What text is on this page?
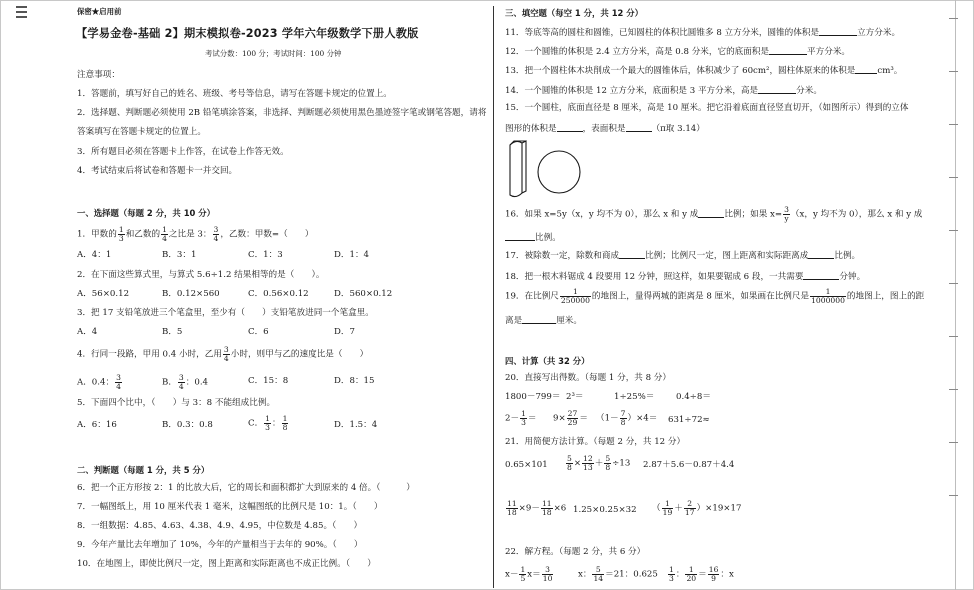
保密★启用前
【学易金卷-基础 2】期末模拟卷-2023 学年六年级数学下册人教版
考试分数：100 分；考试时间：100 分钟
注意事项：
1．答题前，填写好自己的姓名、班级、考号等信息，请写在答题卡规定的位置上。
2．选择题、判断题必须使用 2B 铅笔填涂答案，非选择、判断题必须使用黑色墨迹签字笔或钢笔答题，请将
答案填写在答题卡规定的位置上。
3．所有题目必须在答题卡上作答，在试卷上作答无效。
4．考试结束后将试卷和答题卡一并交回。
一、选择题（每题 2 分，共 10 分）
1．甲数的 $\frac{1}{3}$ 和乙数的 $\frac{1}{4}$ 之比是 3： $\frac{3}{4}$ ，乙数：甲数=（　　）
A．4：1	B．3：1	C．1：3	D．1：4
2．在下面这些算式里，与算式 5.6÷1.2 结果相等的是（　　）。
A．56×0.12	B．0.12×560	C．0.56×0.12	D．560×0.12
3．把 17 支铅笔放进三个笔盒里，至少有（　　）支铅笔放进同一个笔盒里。
A．4	B．5	C．6	D．7
4．行同一段路，甲用 0.4 小时，乙用 $\frac{3}{4}$ 小时，则甲与乙的速度比是（　　）
A．0.4： $\frac{3}{4}$	B． $\frac{3}{4}$ ：0.4	C．15：8	D．8：15
5．下面四个比中，（　　）与 3：8 不能组成比例。
A．6：16	B．0.3：0.8	C． $\frac{1}{3}$ ： $\frac{1}{8}$	D．1.5：4
二、判断题（每题 1 分，共 5 分）
6．把一个正方形按 2：1 的比放大后，它的周长和面积都扩大到原来的 4 倍。（　　　）
7．一幅图纸上，用 10 厘米代表 1 毫米，这幅图纸的比例尺是 10：1。（　　）
8．一组数据：4.85、4.63、4.38、4.9、4.95，中位数是 4.85。（　　）
9．今年产量比去年增加了 10%，今年的产量相当于去年的 90%。（　　）
10．在地图上，即使比例尺一定，图上距离和实际距离也不成正比例。（　　）
三、填空题（每空 1 分，共 12 分）
11．等底等高的圆柱和圆锥，已知圆柱的体积比圆锥多 8 立方分米，圆锥的体积是	立方分米。
12．一个圆锥的体积是 2.4 立方分米，高是 0.8 分米，它的底面积是	平方分米。
13．把一个圆柱体木块削成一个最大的圆锥体后，体积减少了 60cm²，圆柱体原来的体积是	cm³。
14．一个圆锥的体积是 12 立方分米，底面积是 3 平方分米，高是	分米。
15．一个圆柱，底面直径是 8 厘米，高是 10 厘米。把它沿着底面直径竖直切开，（如图所示）得到的立体
图形的体积是	，表面积是	（π取 3.14）
16．如果 x=5y（x，y 均不为 0），那么 x 和 y 成	比例；如果 $x= \frac{3}{y} (x$，y 均不为 0），那么 x 和 y 成
比例。
17．被除数一定，除数和商成	比例；比例尺一定，图上距离和实际距离成	比例。
18．把一根木料锯成 4 段要用 12 分钟，照这样，如果要锯成 6 段，一共需要	分钟。
19．在比例尺 $\frac{1}{250000}$ 的地图上，量得两城的距离是 8 厘米，如果画在比例尺是 $\frac{1}{1000000}$ 的地图上，图上的距
离是	厘米。
四、计算（共 32 分）
20．直接写出得数。（每题 1 分，共 8 分）
1800－799＝ 2³＝	1÷25%＝	0.4÷8＝
$2- \frac{1}{3} = 9\times \frac{27}{29} = (1- \frac{7}{8} )\times 4= 631\div 72\approx$
21．用简便方法计算。（每题 2 分，共 12 分）
$0.65\times 101 \frac{5}{8} \times \frac{12}{13} + \frac{5}{8} \div 13$ 2.87＋5.6－0.87＋4.4
$\frac{11}{18} \times 9- \frac{11}{18} \times 6$ 1.25×0.25×32 （ $\frac{1}{19} + \frac{2}{17} )\times 19\times 17$
22．解方程。（每题 2 分，共 6 分）
$x- \frac{1}{5} x= \frac{3}{10}$	x： $\frac{5}{14} =21$：$0.625 \frac{1}{3}$ ： $\frac{1}{20} = \frac{16}{9}$ ：x
